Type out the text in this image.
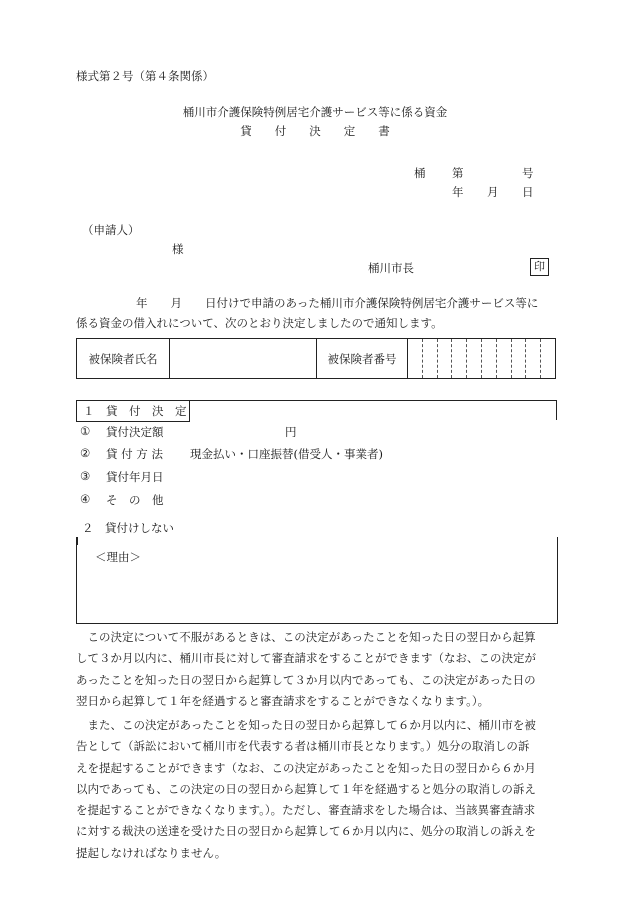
様式第２号（第４条関係）
桶川市介護保険特例居宅介護サービス等に係る資金
貸　　付　　決　　定　　書
桶 第	号
年 月 日
（申請人）
様
桶川市長	印
年　　月　　日付けで申請のあった桶川市介護保険特例居宅介護サービス等に
係る資金の借入れについて、次のとおり決定しましたので通知します。
被保険者氏名		被保険者番号	
１　貸　付　決　定
① 貸付決定額	円
② 貸 付 方 法 現金払い・口座振替(借受人・事業者)
③ 貸付年月日
④ そ　の　他
２　貸付けしない
＜理由＞
この決定について不服があるときは、この決定があったことを知った日の翌日から起算
して３か月以内に、桶川市長に対して審査請求をすることができます（なお、この決定が
あったことを知った日の翌日から起算して３か月以内であっても、この決定があった日の
翌日から起算して１年を経過すると審査請求をすることができなくなります。）。
また、この決定があったことを知った日の翌日から起算して６か月以内に、桶川市を被
告として（訴訟において桶川市を代表する者は桶川市長となります。）処分の取消しの訴
えを提起することができます（なお、この決定があったことを知った日の翌日から６か月
以内であっても、この決定の日の翌日から起算して１年を経過すると処分の取消しの訴え
を提起することができなくなります。）。ただし、審査請求をした場合は、当該異審査請求
に対する裁決の送達を受けた日の翌日から起算して６か月以内に、処分の取消しの訴えを
提起しなければなりません。
